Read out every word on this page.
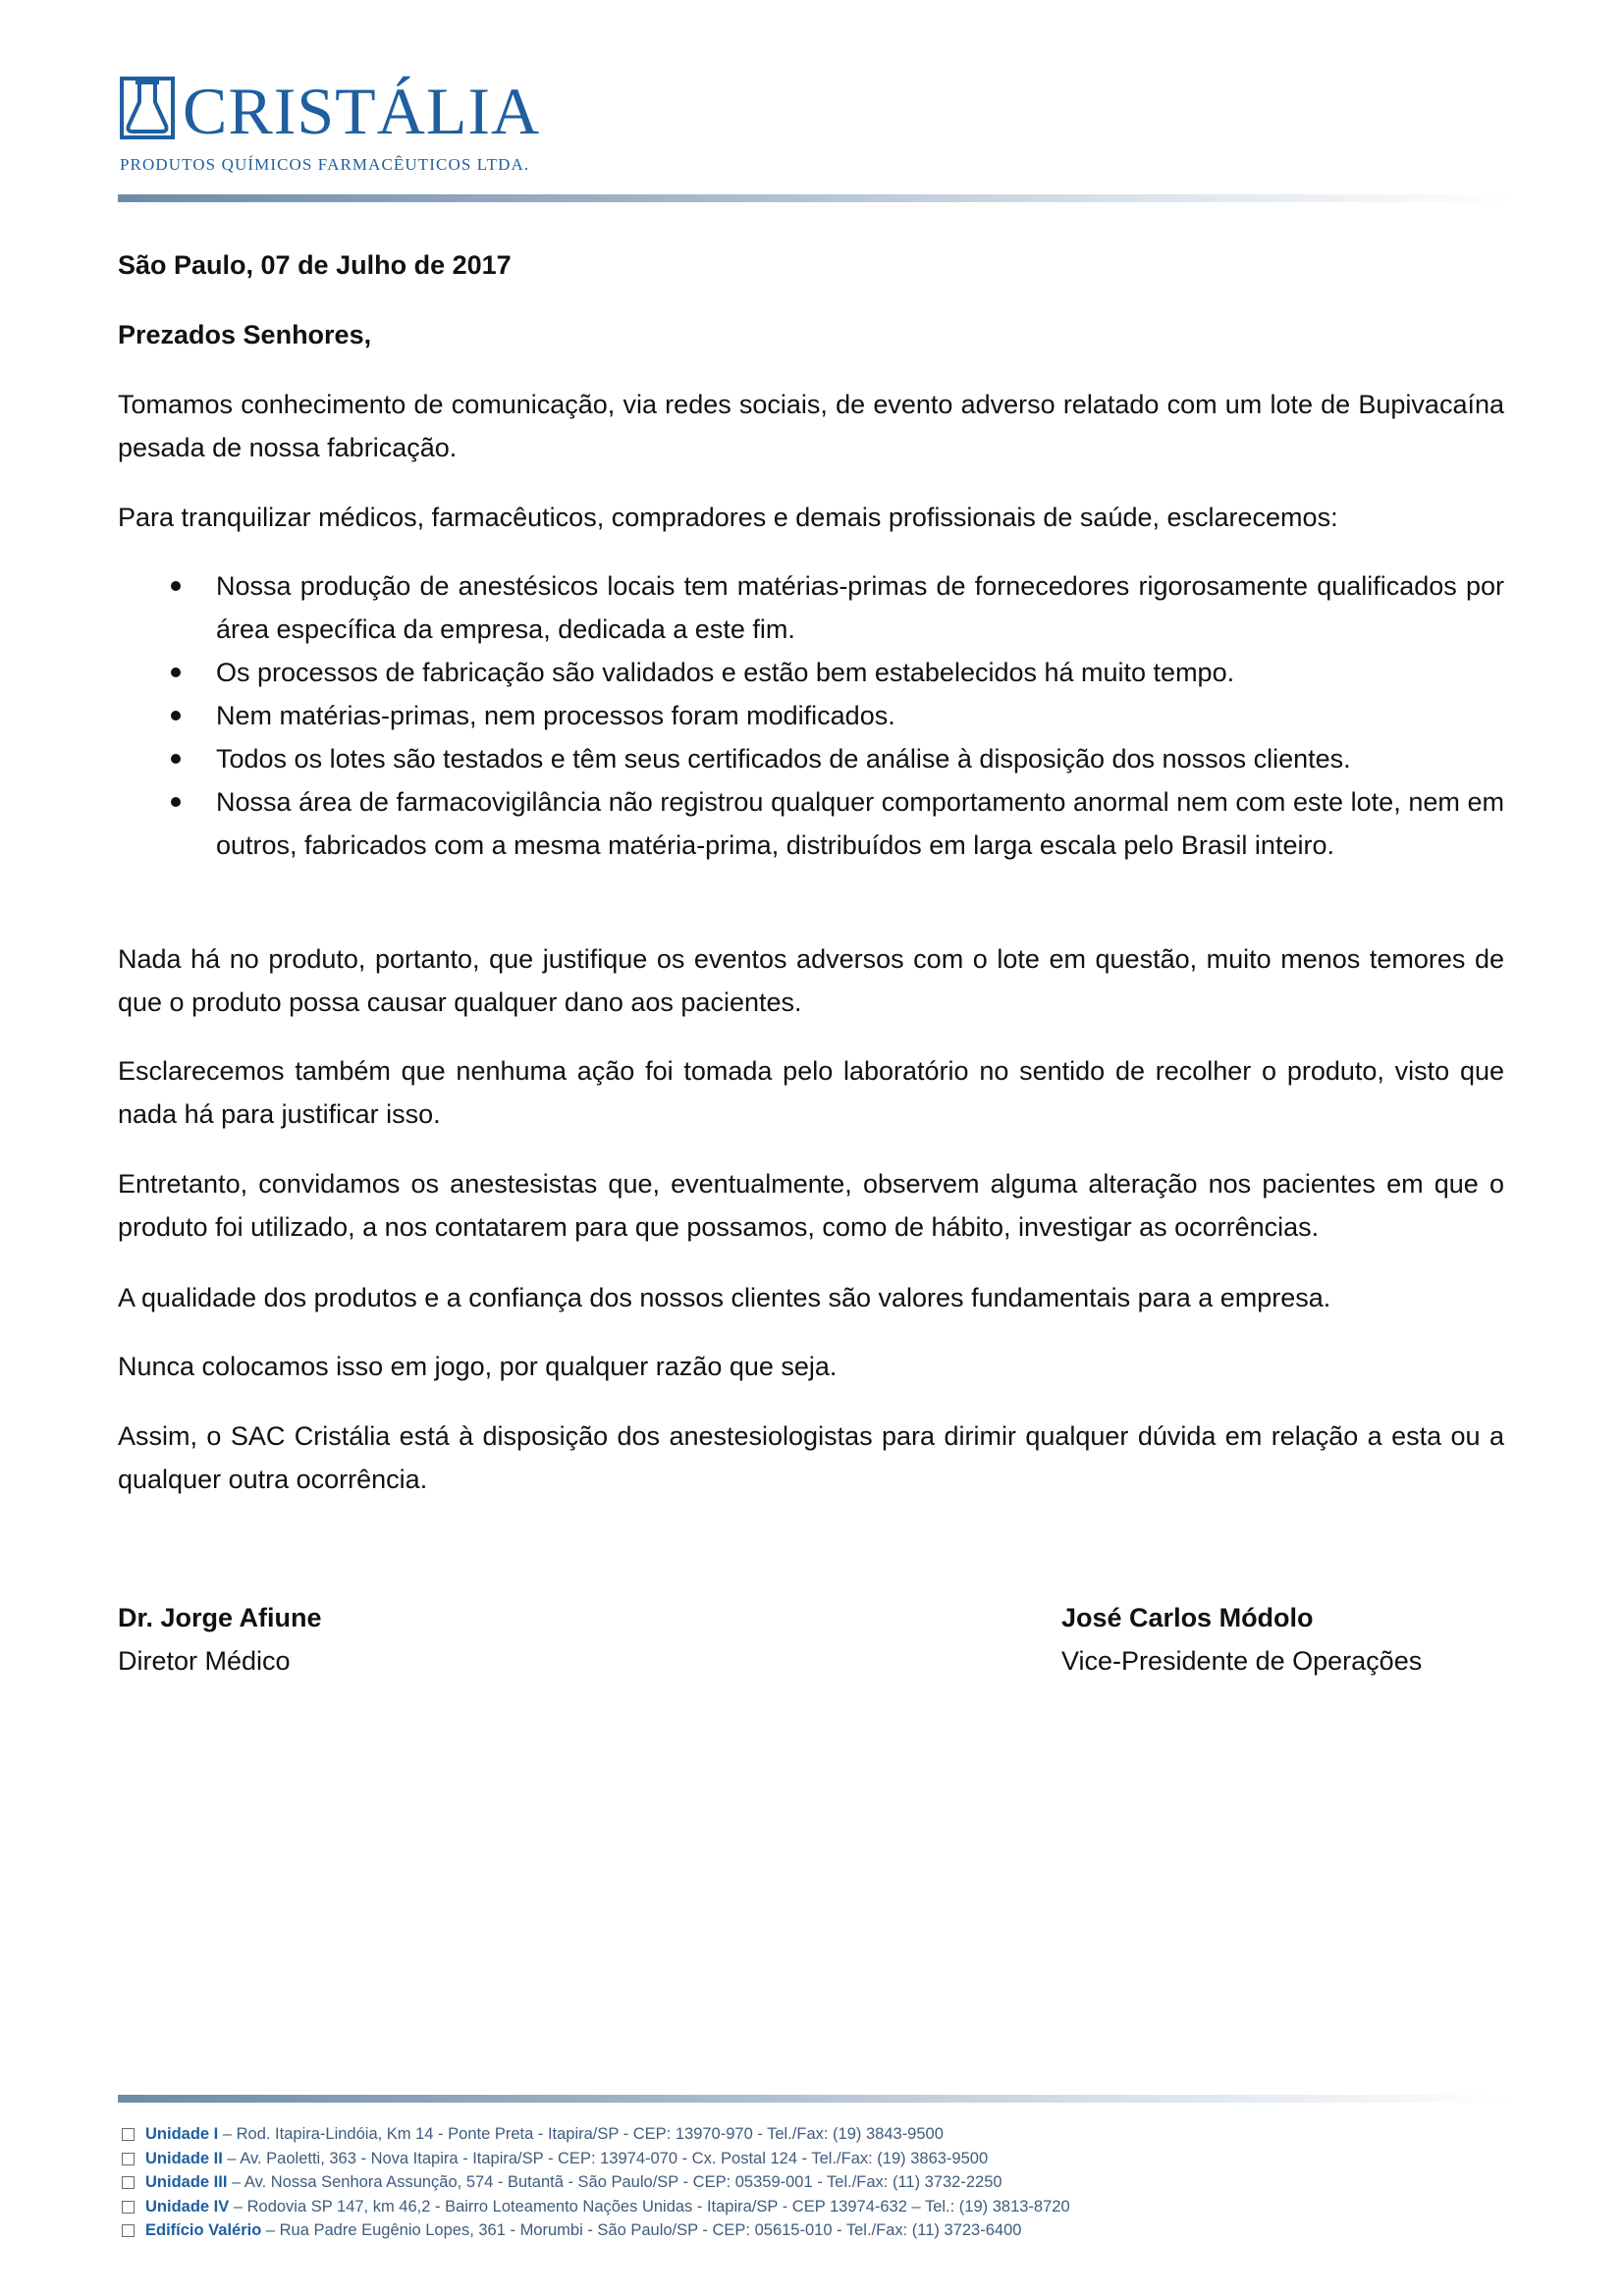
CRISTÁLIA
PRODUTOS QUÍMICOS FARMACÊUTICOS LTDA.

São Paulo, 07 de Julho de 2017

Prezados Senhores,

Tomamos conhecimento de comunicação, via redes sociais, de evento adverso relatado com um lote de Bupivacaína pesada de nossa fabricação.

Para tranquilizar médicos, farmacêuticos, compradores e demais profissionais de saúde, esclarecemos:

Nossa produção de anestésicos locais tem matérias-primas de fornecedores rigorosamente qualificados por área específica da empresa, dedicada a este fim.
Os processos de fabricação são validados e estão bem estabelecidos há muito tempo.
Nem matérias-primas, nem processos foram modificados.
Todos os lotes são testados e têm seus certificados de análise à disposição dos nossos clientes.
Nossa área de farmacovigilância não registrou qualquer comportamento anormal nem com este lote, nem em outros, fabricados com a mesma matéria-prima, distribuídos em larga escala pelo Brasil inteiro.

Nada há no produto, portanto, que justifique os eventos adversos com o lote em questão, muito menos temores de que o produto possa causar qualquer dano aos pacientes.

Esclarecemos também que nenhuma ação foi tomada pelo laboratório no sentido de recolher o produto, visto que nada há para justificar isso.

Entretanto, convidamos os anestesistas que, eventualmente, observem alguma alteração nos pacientes em que o produto foi utilizado, a nos contatarem para que possamos, como de hábito, investigar as ocorrências.

A qualidade dos produtos e a confiança dos nossos clientes são valores fundamentais para a empresa.

Nunca colocamos isso em jogo, por qualquer razão que seja.

Assim, o SAC Cristália está à disposição dos anestesiologistas para dirimir qualquer dúvida em relação a esta ou a qualquer outra ocorrência.

Dr. Jorge Afiune
Diretor Médico
José Carlos Módolo
Vice-Presidente de Operações
Unidade I – Rod. Itapira-Lindóia, Km 14 - Ponte Preta - Itapira/SP - CEP: 13970-970 - Tel./Fax: (19) 3843-9500
Unidade II – Av. Paoletti, 363 - Nova Itapira - Itapira/SP - CEP: 13974-070 - Cx. Postal 124 - Tel./Fax: (19) 3863-9500
Unidade III – Av. Nossa Senhora Assunção, 574 - Butantã - São Paulo/SP - CEP: 05359-001 - Tel./Fax: (11) 3732-2250
Unidade IV – Rodovia SP 147, km 46,2 - Bairro Loteamento Nações Unidas - Itapira/SP - CEP 13974-632 – Tel.: (19) 3813-8720
Edifício Valério – Rua Padre Eugênio Lopes, 361 - Morumbi - São Paulo/SP - CEP: 05615-010 - Tel./Fax: (11) 3723-6400
